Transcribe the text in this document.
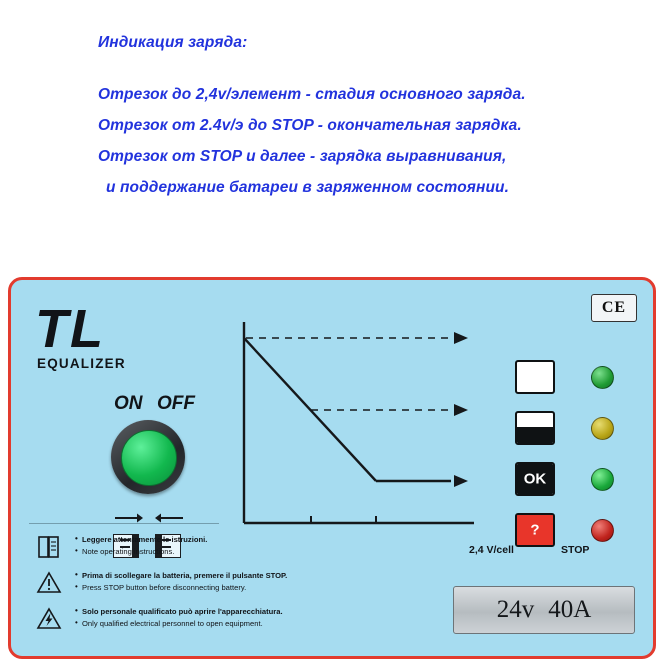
Индикация заряда:
Отрезок до 2,4v/элемент - стадия основного заряда.
Отрезок от 2.4v/э до STOP - окончательная зарядка.
Отрезок от STOP и далее - зарядка выравнивания,
и поддержание батареи в заряженном состоянии.
TL
EQUALIZER
CE
ON OFF
2,4 V/cell	STOP
OK
?
24v 40A
• Leggere attentamente le istruzioni.
• Note operating instructions.
• Prima di scollegare la batteria, premere il pulsante STOP.
• Press STOP button before disconnecting battery.
• Solo personale qualificato può aprire l'apparecchiatura.
• Only qualified electrical personnel to open equipment.
